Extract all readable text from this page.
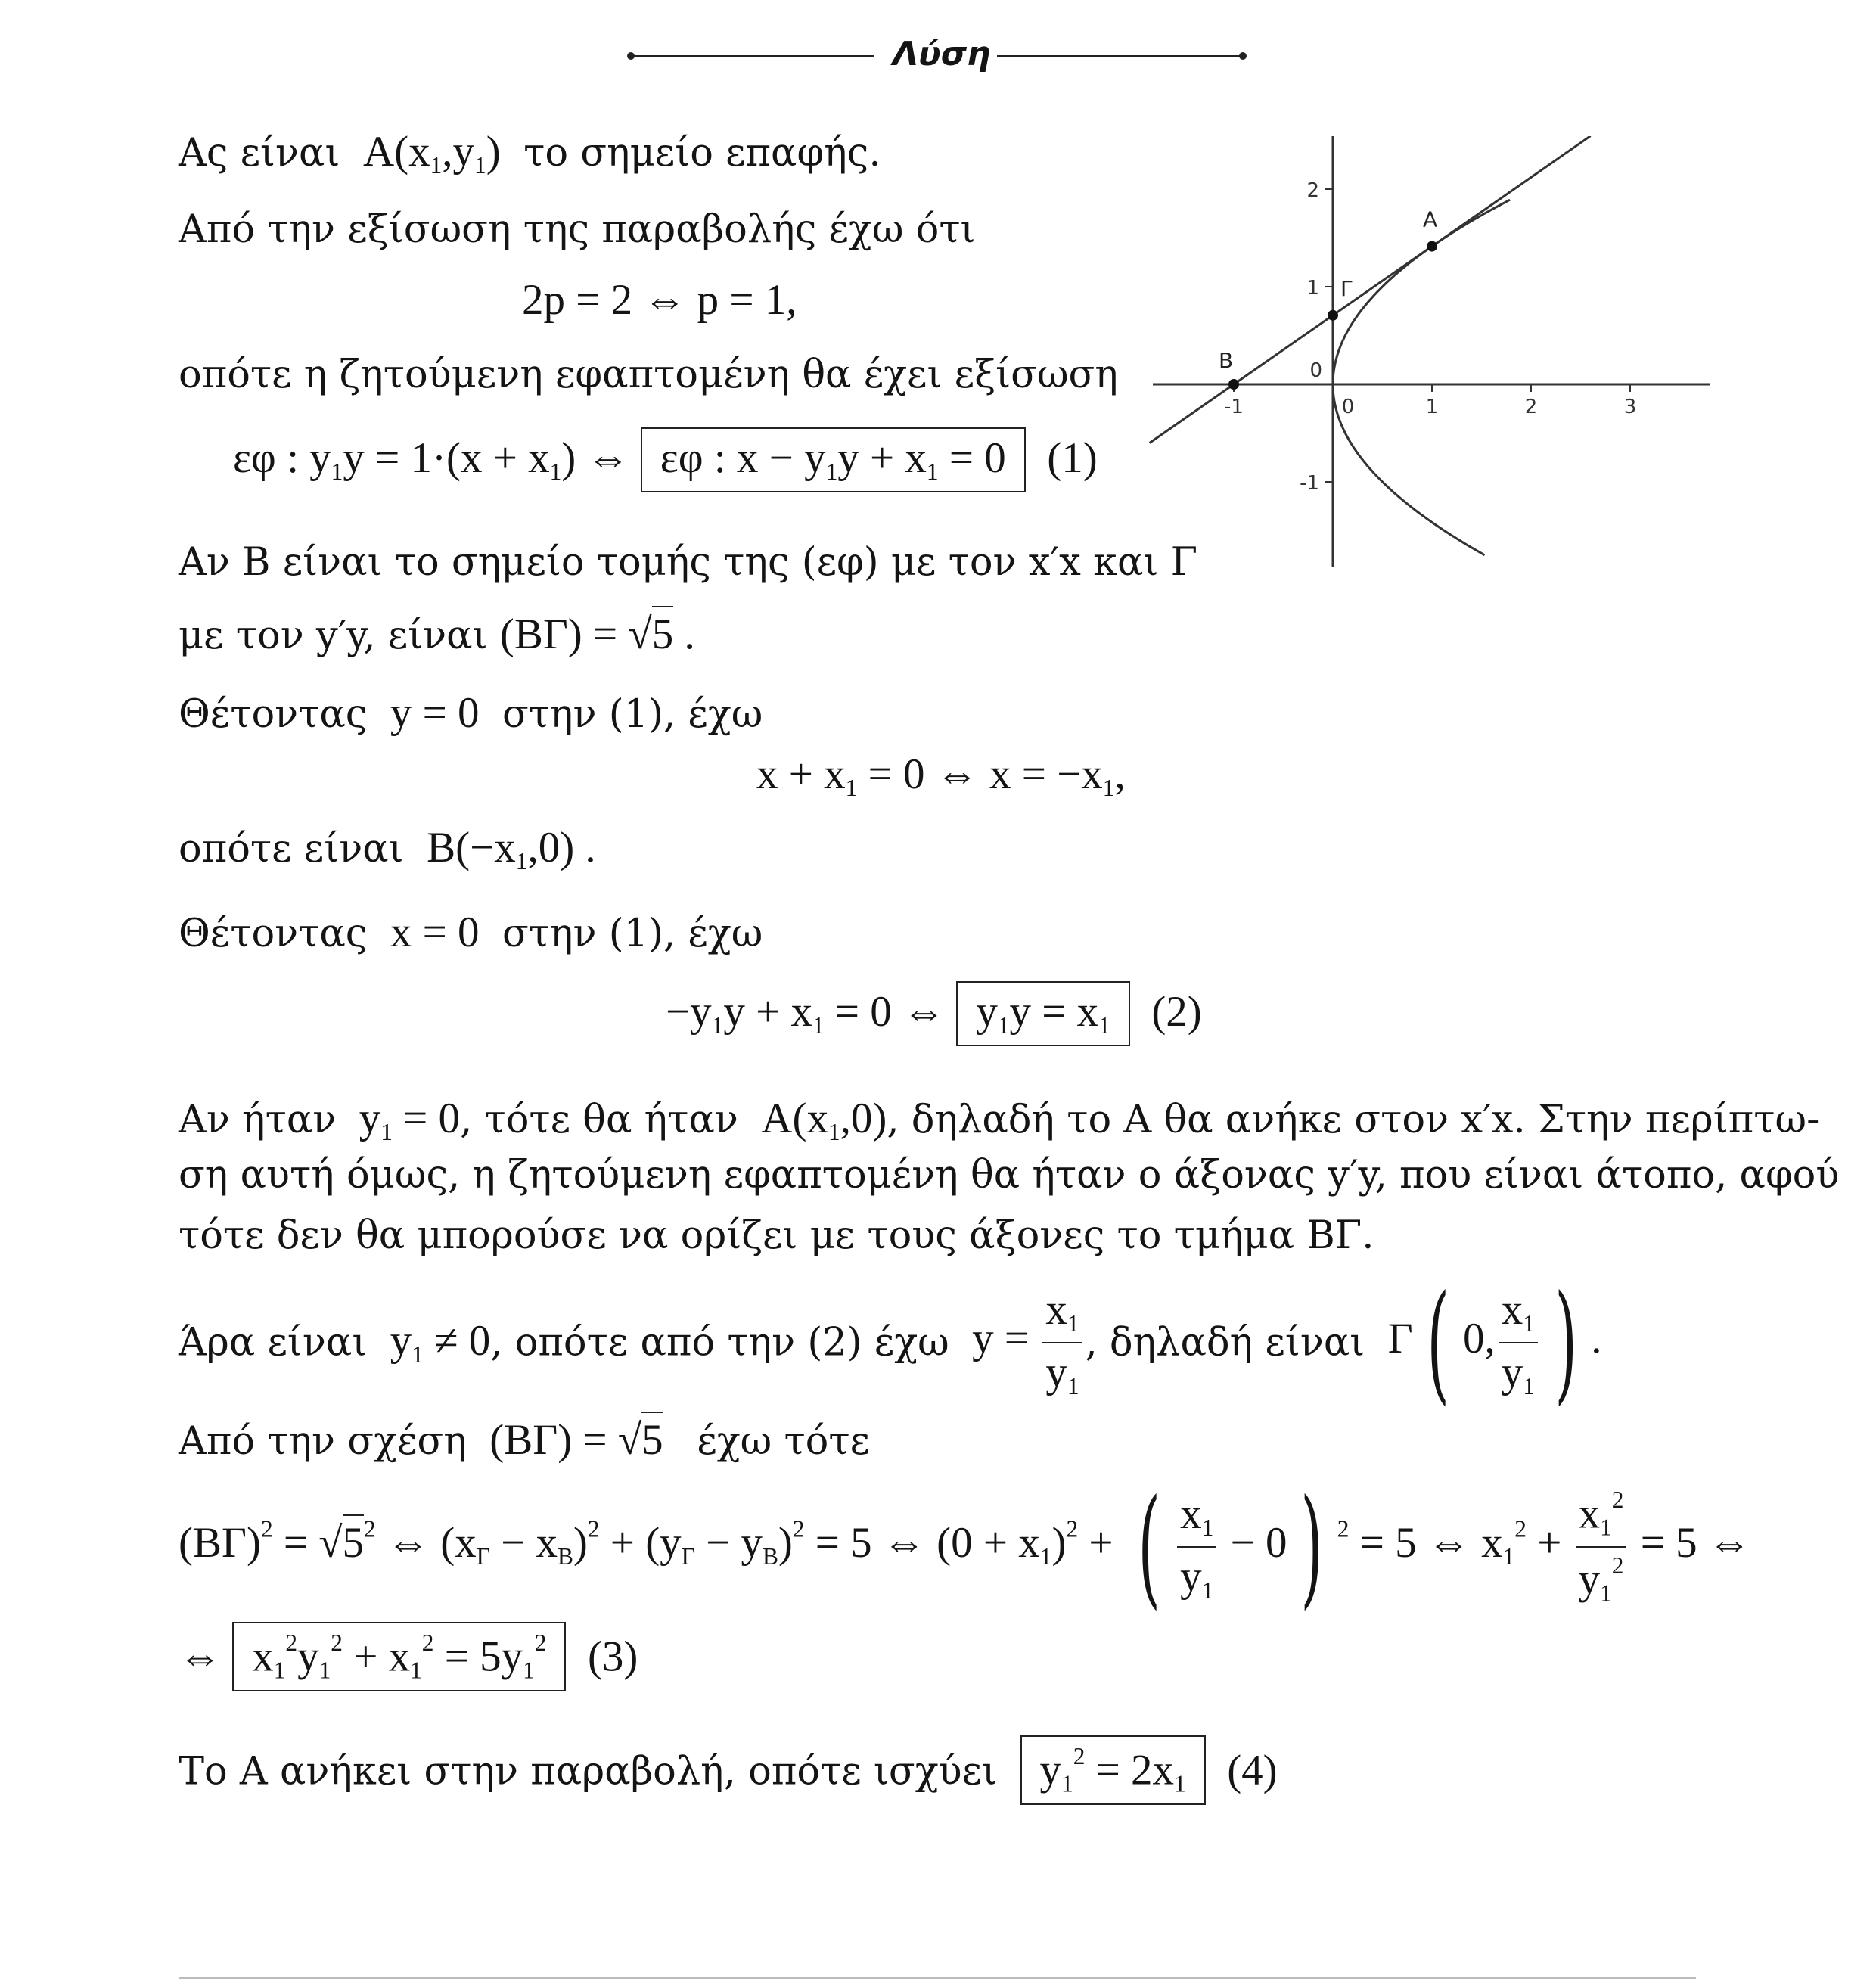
Λύση
Ας είναι  $A(x_1,y_1)$  το σημείο επαφής.
Από την εξίσωση της παραβολής έχω ότι
2p = 2 ⇔ p = 1,
οπότε η ζητούμενη εφαπτομένη θα έχει εξίσωση
εφ : $y_1y = 1\cdot(x + x_1)$ ⇔ εφ : $x - y_1y + x_1 = 0$ (1)
Αν Β είναι το σημείο τομής της (εφ) με τον x′x και Γ
με τον y′y, είναι (ΒΓ) = √5 .
Θέτοντας  y = 0  στην (1), έχω
$x + x_1 = 0$ ⇔ $x = -x_1$,
οπότε είναι  $B(-x_1,0)$ .
Θέτοντας  x = 0  στην (1), έχω
$-y_1y + x_1 = 0$ ⇔ $y_1y = x_1$ (2)
Αν ήταν  $y_1 = 0$, τότε θα ήταν  $A(x_1,0)$, δηλαδή το Α θα ανήκε στον x′x. Στην περίπτω-
ση αυτή όμως, η ζητούμενη εφαπτομένη θα ήταν ο άξονας y′y, που είναι άτοπο, αφού
τότε δεν θα μπορούσε να ορίζει με τους άξονες το τμήμα ΒΓ.
Άρα είναι  $y_1 \ne 0$, οπότε από την (2) έχω  $y = \frac{x_1}{y_1}$ , δηλαδή είναι  Γ ( 0, $\frac{x_1}{y_1}$ ) .
Από την σχέση  (ΒΓ) = √5 έχω τότε
$(B\Gamma)^2 = √5^2$ ⇔ $(x_\Gamma - x_B)^2 + (y_\Gamma - y_B)^2 = 5$ ⇔ $(0 + x_1)^2$ + ( $\frac{x_1}{y_1} - 0$ ) $^2$ = 5 ⇔ $x_1^2 + \frac{x_1^2}{y_1^2} = 5$ ⇔
⇔ $x_1^2y_1^2 + x_1^2 = 5y_1^2$ (3)
Το Α ανήκει στην παραβολή, οπότε ισχύει $y_1^2 = 2x_1$ (4)
-1	0	1	2	3
2
1
0
-1
A
Γ
B
